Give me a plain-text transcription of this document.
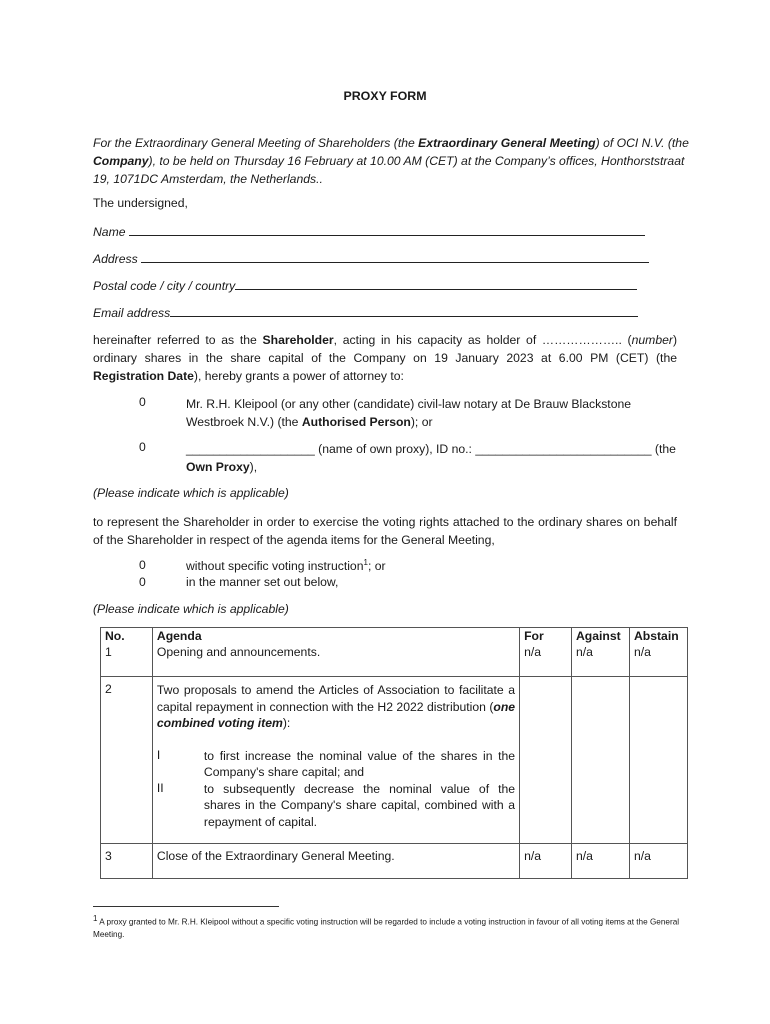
PROXY FORM
For the Extraordinary General Meeting of Shareholders (the Extraordinary General Meeting) of OCI N.V. (the Company), to be held on Thursday 16 February at 10.00 AM (CET) at the Company’s offices, Honthorststraat 19, 1071DC Amsterdam, the Netherlands..
The undersigned,
Name
Address
Postal code / city / country
Email address
hereinafter referred to as the Shareholder, acting in his capacity as holder of ……………….. (number) ordinary shares in the share capital of the Company on 19 January 2023 at 6.00 PM (CET) (the Registration Date), hereby grants a power of attorney to:
0	Mr. R.H. Kleipool (or any other (candidate) civil-law notary at De Brauw Blackstone Westbroek N.V.) (the Authorised Person); or
0	___________________ (name of own proxy), ID no.: __________________________ (the Own Proxy),
(Please indicate which is applicable)
to represent the Shareholder in order to exercise the voting rights attached to the ordinary shares on behalf of the Shareholder in respect of the agenda items for the General Meeting,
0	without specific voting instruction$^1$; or
0	in the manner set out below,
(Please indicate which is applicable)
No.	Agenda	For	Against	Abstain
1	Opening and announcements.	n/a	n/a	n/a
2	Two proposals to amend the Articles of Association to facilitate a capital repayment in connection with the H2 2022 distribution (one combined voting item):
I to first increase the nominal value of the shares in the Company's share capital; and
II to subsequently decrease the nominal value of the shares in the Company's share capital, combined with a repayment of capital.			

3	Close of the Extraordinary General Meeting.	n/a	n/a	n/a
$^1$ A proxy granted to Mr. R.H. Kleipool without a specific voting instruction will be regarded to include a voting instruction in favour of all voting items at the General Meeting.
